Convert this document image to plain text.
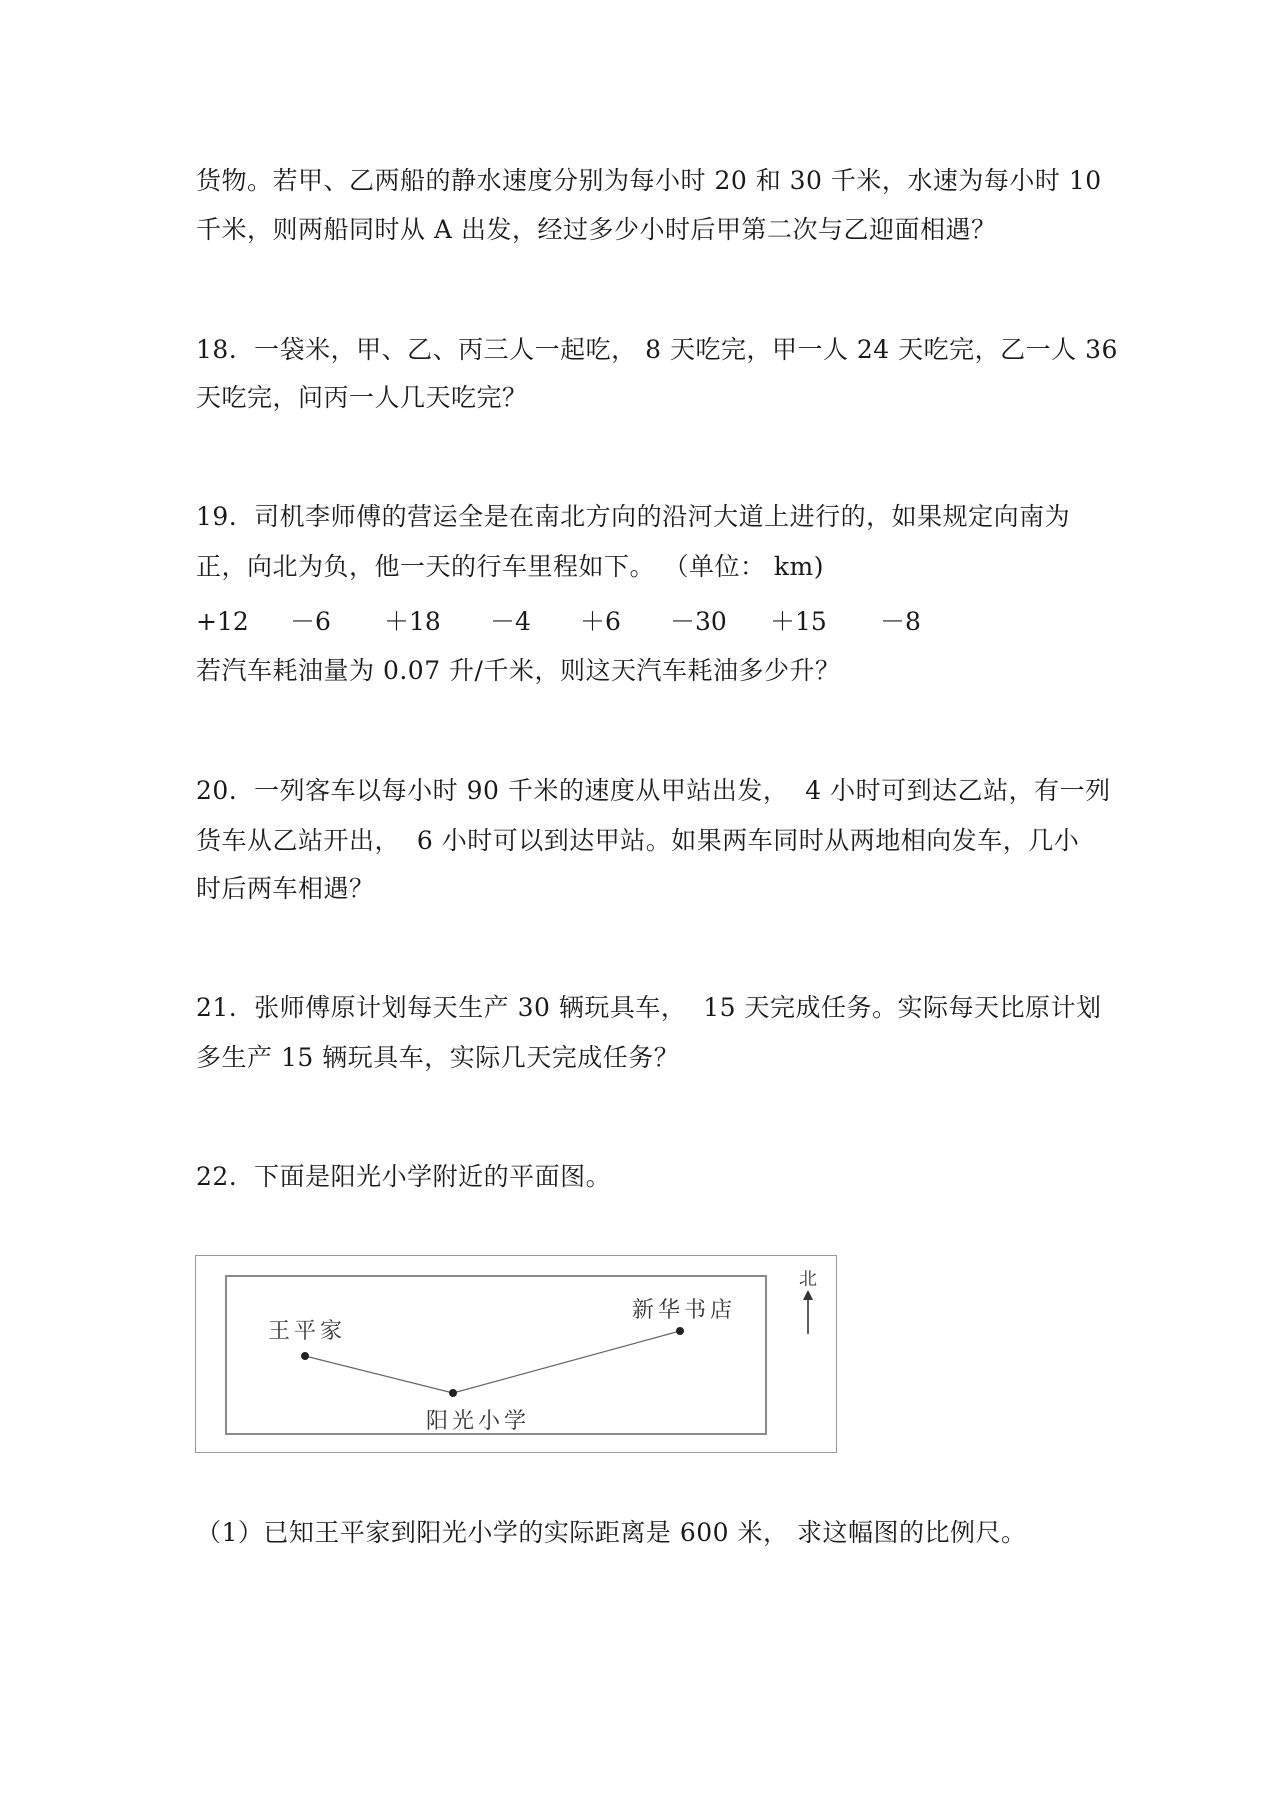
货物。若甲、乙两船的静水速度分别为每小时 20 和 30 千米，水速为每小时 10
千米，则两船同时从 A 出发，经过多少小时后甲第二次与乙迎面相遇？
18.  一袋米，甲、乙、丙三人一起吃， 8 天吃完，甲一人 24 天吃完，乙一人 36
天吃完，问丙一人几天吃完？
19.  司机李师傅的营运全是在南北方向的沿河大道上进行的，如果规定向南为
正，向北为负，他一天的行车里程如下。 （单位： km)
+12 －6 ＋18 －4 ＋6 －30 ＋15 －8
若汽车耗油量为 0.07 升/千米，则这天汽车耗油多少升？
20.  一列客车以每小时 90 千米的速度从甲站出发，  4 小时可到达乙站，有一列
货车从乙站开出，  6 小时可以到达甲站。如果两车同时从两地相向发车，几小
时后两车相遇？
21.  张师傅原计划每天生产 30 辆玩具车，  15 天完成任务。实际每天比原计划
多生产 15 辆玩具车，实际几天完成任务？
22.  下面是阳光小学附近的平面图。
王平家
阳光小学
新华书店
北
（1）已知王平家到阳光小学的实际距离是 600 米， 求这幅图的比例尺。
